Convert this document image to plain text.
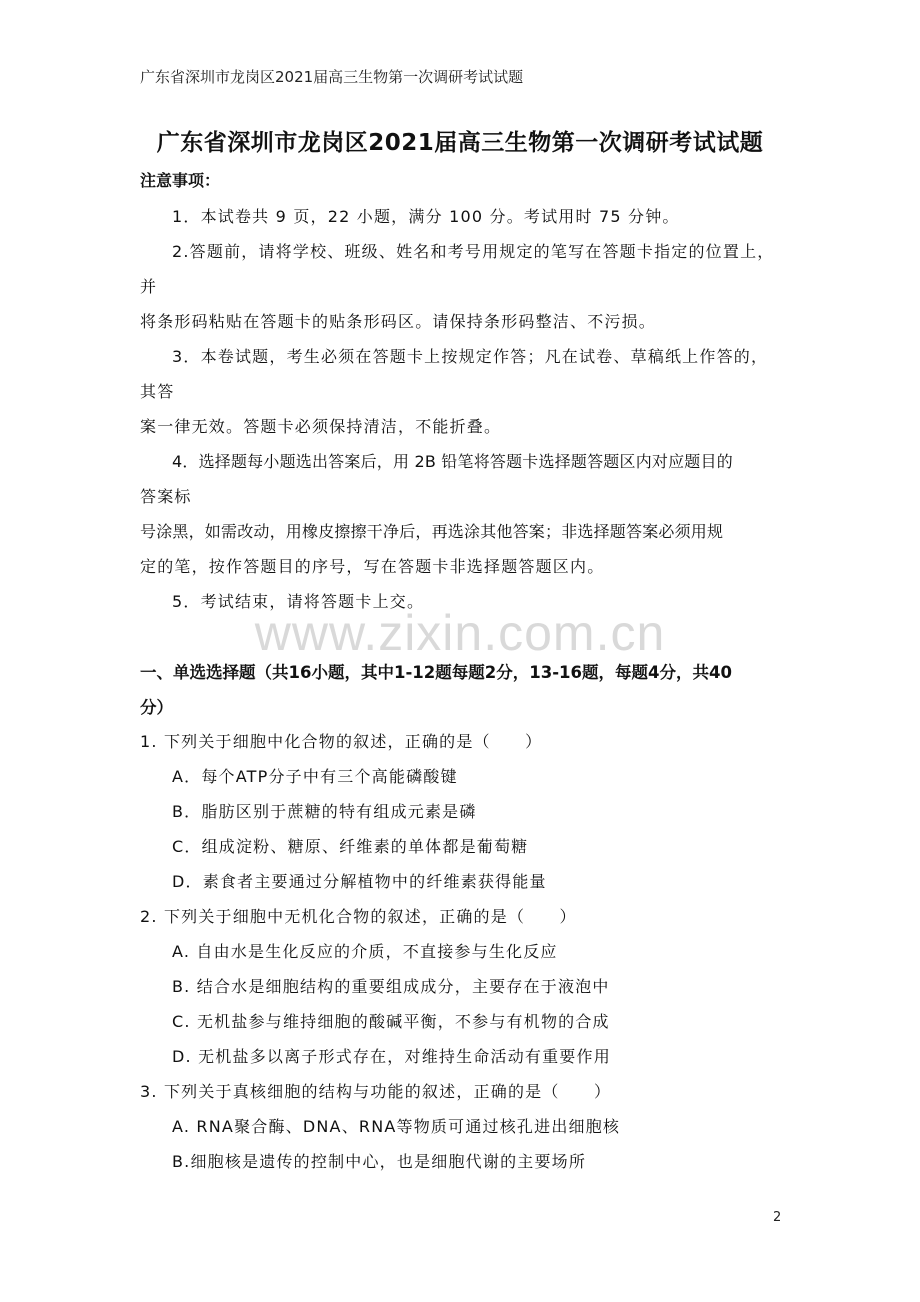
广东省深圳市龙岗区2021届高三生物第一次调研考试试题
广东省深圳市龙岗区2021届高三生物第一次调研考试试题
注意事项：
1．本试卷共 9 页，22 小题，满分 100 分。考试用时 75 分钟。
2.答题前，请将学校、班级、姓名和考号用规定的笔写在答题卡指定的位置上，
并
将条形码粘贴在答题卡的贴条形码区。请保持条形码整洁、不污损。
3．本卷试题，考生必须在答题卡上按规定作答；凡在试卷、草稿纸上作答的，
其答
案一律无效。答题卡必须保持清洁，不能折叠。
4．选择题每小题选出答案后，用 2B 铅笔将答题卡选择题答题区内对应题目的
答案标
号涂黑，如需改动，用橡皮擦擦干净后，再选涂其他答案；非选择题答案必须用规
定的笔，按作答题目的序号，写在答题卡非选择题答题区内。
5．考试结束，请将答题卡上交。
www.zixin.com.cn
一、单选选择题（共16小题，其中1-12题每题2分，13-16题，每题4分，共40
分）
1. 下列关于细胞中化合物的叙述，正确的是（　　）
A．每个ATP分子中有三个高能磷酸键
B．脂肪区别于蔗糖的特有组成元素是磷
C．组成淀粉、糖原、纤维素的单体都是葡萄糖
D．素食者主要通过分解植物中的纤维素获得能量
2. 下列关于细胞中无机化合物的叙述，正确的是（　　）
A. 自由水是生化反应的介质，不直接参与生化反应
B. 结合水是细胞结构的重要组成成分，主要存在于液泡中
C. 无机盐参与维持细胞的酸碱平衡，不参与有机物的合成
D. 无机盐多以离子形式存在，对维持生命活动有重要作用
3. 下列关于真核细胞的结构与功能的叙述，正确的是（　　）
A. RNA聚合酶、DNA、RNA等物质可通过核孔进出细胞核
B.细胞核是遗传的控制中心，也是细胞代谢的主要场所
2
